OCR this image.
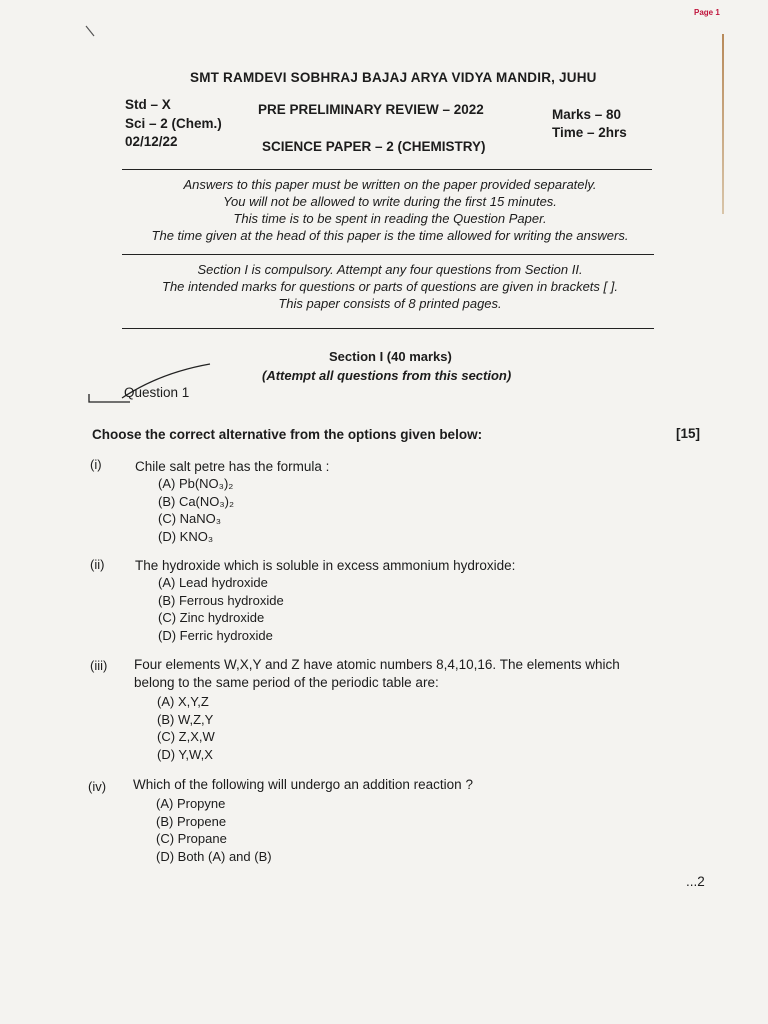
Page 1
SMT RAMDEVI SOBHRAJ BAJAJ ARYA VIDYA MANDIR, JUHU
Std – X
Sci – 2 (Chem.)
02/12/22
PRE PRELIMINARY REVIEW – 2022
SCIENCE PAPER – 2 (CHEMISTRY)
Marks – 80
Time – 2hrs
Answers to this paper must be written on the paper provided separately.
You will not be allowed to write during the first 15 minutes.
This time is to be spent in reading the Question Paper.
The time given at the head of this paper is the time allowed for writing the answers.
Section I is compulsory. Attempt any four questions from Section II.
The intended marks for questions or parts of questions are given in brackets [ ].
This paper consists of 8 printed pages.
Section I (40 marks)
(Attempt all questions from this section)
Question 1
Choose the correct alternative from the options given below:	[15]
(i) Chile salt petre has the formula :
(A) Pb(NO₃)₂
(B) Ca(NO₃)₂
(C) NaNO₃
(D) KNO₃
(ii) The hydroxide which is soluble in excess ammonium hydroxide:
(A) Lead hydroxide
(B) Ferrous hydroxide
(C) Zinc hydroxide
(D) Ferric hydroxide
(iii) Four elements W,X,Y and Z have atomic numbers 8,4,10,16. The elements which
belong to the same period of the periodic table are:
(A) X,Y,Z
(B) W,Z,Y
(C) Z,X,W
(D) Y,W,X
(iv) Which of the following will undergo an addition reaction ?
(A) Propyne
(B) Propene
(C) Propane
(D) Both (A) and (B)
...2
